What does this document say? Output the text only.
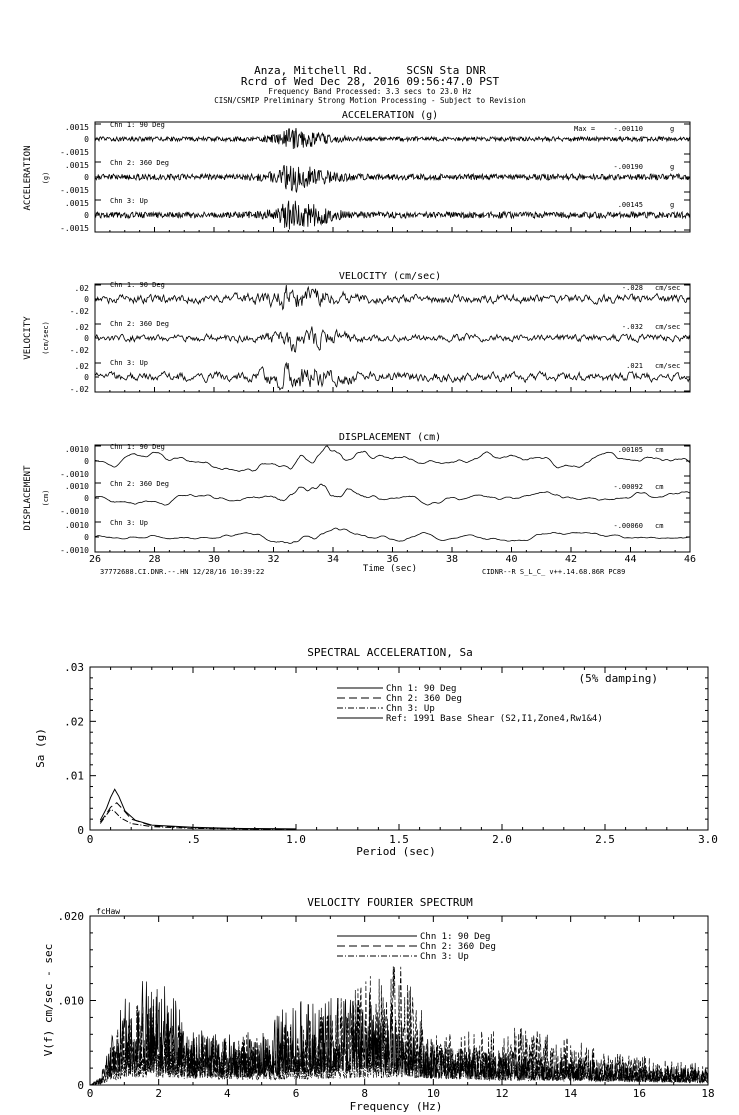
Anza, Mitchell Rd.     SCSN Sta DNR
Rcrd of Wed Dec 28, 2016 09:56:47.0 PST
Frequency Band Processed: 3.3 secs to 23.0 Hz
CISN/CSMIP Preliminary Strong Motion Processing - Subject to Revision
ACCELERATION (g)
ACCELERATION (g)
.0015
0
-.0015
Chn 1: 90 Deg	Max =	-.00110	g
.0015
0
-.0015
Chn 2: 360 Deg	-.00190	g
.0015
0
-.0015
Chn 3: Up	.00145	g
VELOCITY (cm/sec)
VELOCITY (cm/sec)
.02
0
-.02
Chn 1: 90 Deg	-.028 cm/sec
.02
0
-.02
Chn 2: 360 Deg	-.032 cm/sec
.02
0
-.02
Chn 3: Up	.021 cm/sec
DISPLACEMENT (cm)
DISPLACEMENT (cm)
.0010
0
-.0010
Chn 1: 90 Deg	.00105 cm
.0010
0
-.0010
Chn 2: 360 Deg	-.00092 cm
.0010
0
-.0010
Chn 3: Up	-.00060 cm
26	28	30	32	34	36	38	40	42	44	46
Time (sec)
37772688.CI.DNR.--.HN 12/28/16 10:39:22	CIDNR--R S_L_C_ v++.14.68.86R PC89
SPECTRAL ACCELERATION, Sa
(5% damping)
0	.5	1.0	1.5	2.0	2.5	3.0
0
.01
.02
.03
Period (sec)
Sa (g)
Chn 1: 90 Deg
Chn 2: 360 Deg
Chn 3: Up
Ref: 1991 Base Shear (S2,I1,Zone4,Rw1&4)
VELOCITY FOURIER SPECTRUM
fcHaw
0	2	4	6	8	10	12	14	16	18
0
.010
.020
Frequency (Hz)
V(f) cm/sec - sec
Chn 1: 90 Deg
Chn 2: 360 Deg
Chn 3: Up
